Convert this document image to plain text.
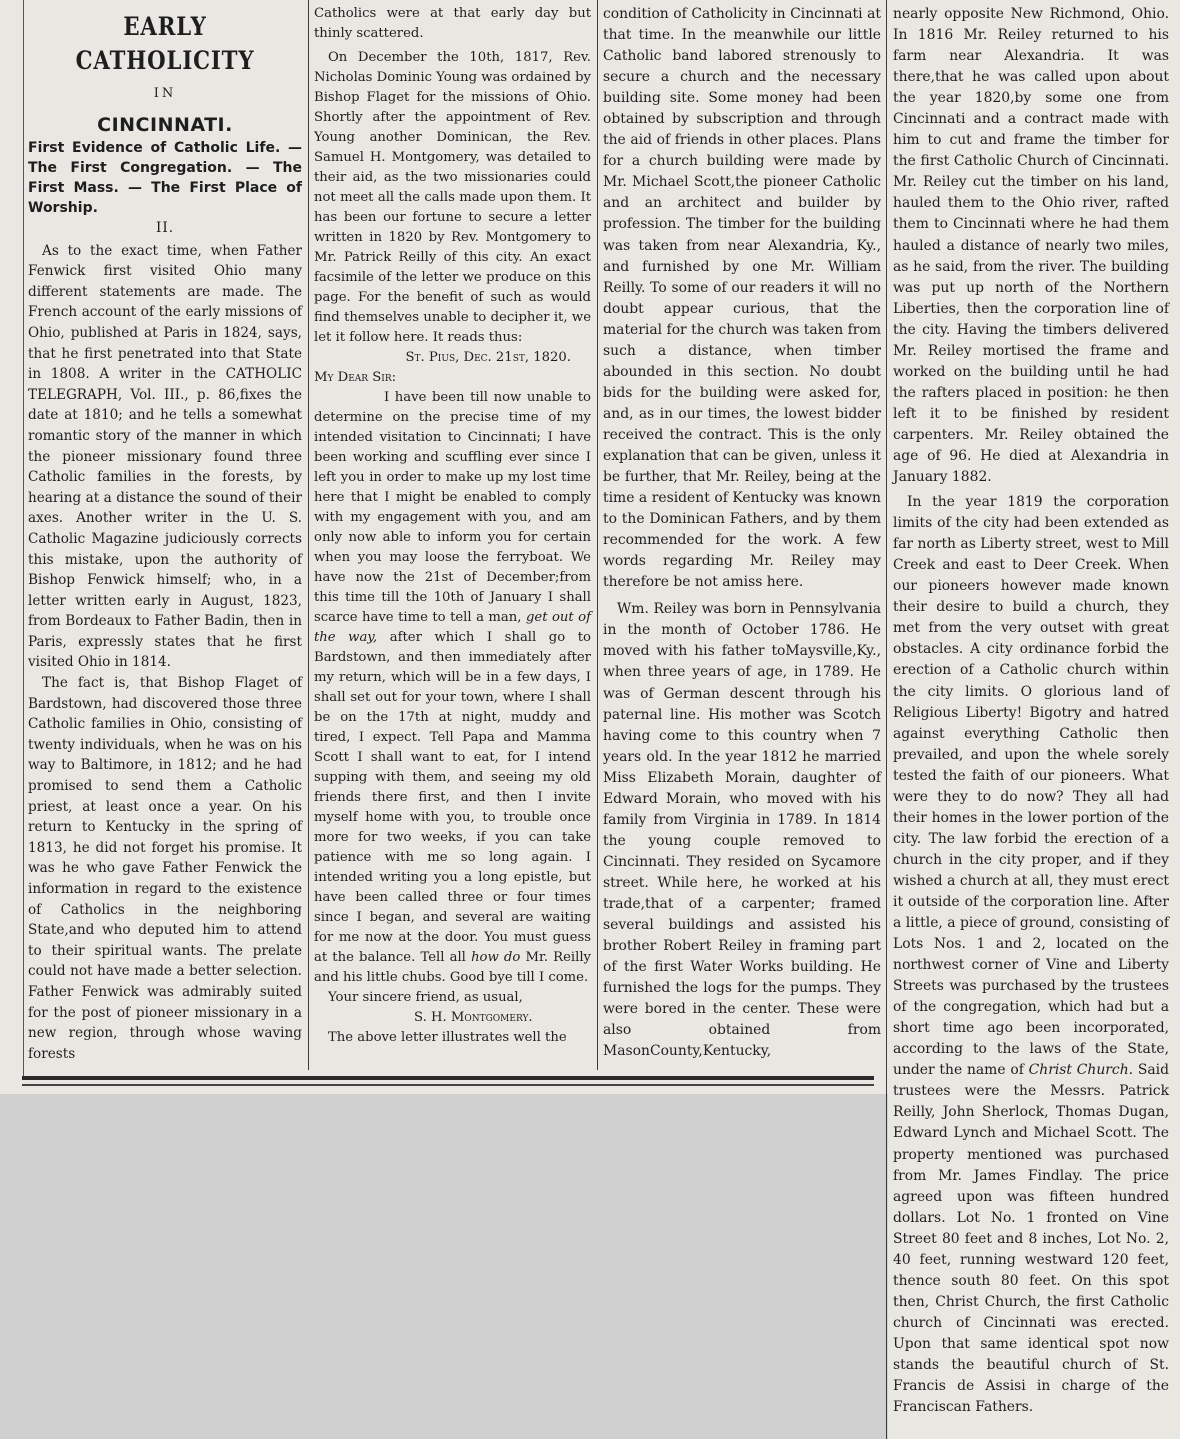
EARLY CATHOLICITY

IN

CINCINNATI.

First Evidence of Catholic Life. — The First Congregation. — The First Mass. — The First Place of Worship.

II.

As to the exact time, when Father Fenwick first visited Ohio many different statements are made. The French account of the early missions of Ohio, published at Paris in 1824, says, that he first penetrated into that State in 1808. A writer in the CATHOLIC TELEGRAPH, Vol. III., p. 86,fixes the date at 1810; and he tells a somewhat romantic story of the manner in which the pioneer missionary found three Catholic families in the forests, by hearing at a distance the sound of their axes. Another writer in the U. S. Catholic Magazine judiciously corrects this mistake, upon the authority of Bishop Fenwick himself; who, in a letter written early in August, 1823, from Bordeaux to Father Badin, then in Paris, expressly states that he first visited Ohio in 1814.

The fact is, that Bishop Flaget of Bardstown, had discovered those three Catholic families in Ohio, consisting of twenty individuals, when he was on his way to Baltimore, in 1812; and he had promised to send them a Catholic priest, at least once a year. On his return to Kentucky in the spring of 1813, he did not forget his promise. It was he who gave Father Fenwick the information in regard to the existence of Catholics in the neighboring State,and who deputed him to attend to their spiritual wants. The prelate could not have made a better selection. Father Fenwick was admirably suited for the post of pioneer missionary in a new region, through whose waving forests

Catholics were at that early day but thinly scattered.

On December the 10th, 1817, Rev. Nicholas Dominic Young was ordained by Bishop Flaget for the missions of Ohio. Shortly after the appointment of Rev. Young another Dominican, the Rev. Samuel H. Montgomery, was detailed to their aid, as the two missionaries could not meet all the calls made upon them. It has been our fortune to secure a letter written in 1820 by Rev. Montgomery to Mr. Patrick Reilly of this city. An exact facsimile of the letter we produce on this page. For the benefit of such as would find themselves unable to decipher it, we let it follow here. It reads thus:

St. Pius, Dec. 21st, 1820.

My Dear Sir:

I have been till now unable to determine on the precise time of my intended visitation to Cincinnati; I have been working and scuffling ever since I left you in order to make up my lost time here that I might be enabled to comply with my engagement with you, and am only now able to inform you for certain when you may loose the ferryboat. We have now the 21st of December;from this time till the 10th of January I shall scarce have time to tell a man, get out of the way, after which I shall go to Bardstown, and then immediately after my return, which will be in a few days, I shall set out for your town, where I shall be on the 17th at night, muddy and tired, I expect. Tell Papa and Mamma Scott I shall want to eat, for I intend supping with them, and seeing my old friends there first, and then I invite myself home with you, to trouble once more for two weeks, if you can take patience with me so long again. I intended writing you a long epistle, but have been called three or four times since I began, and several are waiting for me now at the door. You must guess at the balance. Tell all how do Mr. Reilly and his little chubs. Good bye till I come.

Your sincere friend, as usual,

S. H. Montgomery.

The above letter illustrates well the

condition of Catholicity in Cincinnati at that time. In the meanwhile our little Catholic band labored strenously to secure a church and the necessary building site. Some money had been obtained by subscription and through the aid of friends in other places. Plans for a church building were made by Mr. Michael Scott,the pioneer Catholic and an architect and builder by profession. The timber for the building was taken from near Alexandria, Ky., and furnished by one Mr. William Reilly. To some of our readers it will no doubt appear curious, that the material for the church was taken from such a distance, when timber abounded in this section. No doubt bids for the building were asked for, and, as in our times, the lowest bidder received the contract. This is the only explanation that can be given, unless it be further, that Mr. Reiley, being at the time a resident of Kentucky was known to the Dominican Fathers, and by them recommended for the work. A few words regarding Mr. Reiley may therefore be not amiss here.

Wm. Reiley was born in Pennsylvania in the month of October 1786. He moved with his father toMaysville,Ky., when three years of age, in 1789. He was of German descent through his paternal line. His mother was Scotch having come to this country when 7 years old. In the year 1812 he married Miss Elizabeth Morain, daughter of Edward Morain, who moved with his family from Virginia in 1789. In 1814 the young couple removed to Cincinnati. They resided on Sycamore street. While here, he worked at his trade,that of a carpenter; framed several buildings and assisted his brother Robert Reiley in framing part of the first Water Works building. He furnished the logs for the pumps. They were bored in the center. These were also obtained from MasonCounty,Kentucky,

nearly opposite New Richmond, Ohio. In 1816 Mr. Reiley returned to his farm near Alexandria. It was there,that he was called upon about the year 1820,by some one from Cincinnati and a contract made with him to cut and frame the timber for the first Catholic Church of Cincinnati. Mr. Reiley cut the timber on his land, hauled them to the Ohio river, rafted them to Cincinnati where he had them hauled a distance of nearly two miles, as he said, from the river. The building was put up north of the Northern Liberties, then the corporation line of the city. Having the timbers delivered Mr. Reiley mortised the frame and worked on the building until he had the rafters placed in position: he then left it to be finished by resident carpenters. Mr. Reiley obtained the age of 96. He died at Alexandria in January 1882.

In the year 1819 the corporation limits of the city had been extended as far north as Liberty street, west to Mill Creek and east to Deer Creek. When our pioneers however made known their desire to build a church, they met from the very outset with great obstacles. A city ordinance forbid the erection of a Catholic church within the city limits. O glorious land of Religious Liberty! Bigotry and hatred against everything Catholic then prevailed, and upon the whele sorely tested the faith of our pioneers. What were they to do now? They all had their homes in the lower portion of the city. The law forbid the erection of a church in the city proper, and if they wished a church at all, they must erect it outside of the corporation line. After a little, a piece of ground, consisting of Lots Nos. 1 and 2, located on the northwest corner of Vine and Liberty Streets was purchased by the trustees of the congregation, which had but a short time ago been incorporated, according to the laws of the State, under the name of Christ Church. Said trustees were the Messrs. Patrick Reilly, John Sherlock, Thomas Dugan, Edward Lynch and Michael Scott. The property mentioned was purchased from Mr. James Findlay. The price agreed upon was fifteen hundred dollars. Lot No. 1 fronted on Vine Street 80 feet and 8 inches, Lot No. 2, 40 feet, running westward 120 feet, thence south 80 feet. On this spot then, Christ Church, the first Catholic church of Cincinnati was erected. Upon that same identical spot now stands the beautiful church of St. Francis de Assisi in charge of the Franciscan Fathers.
